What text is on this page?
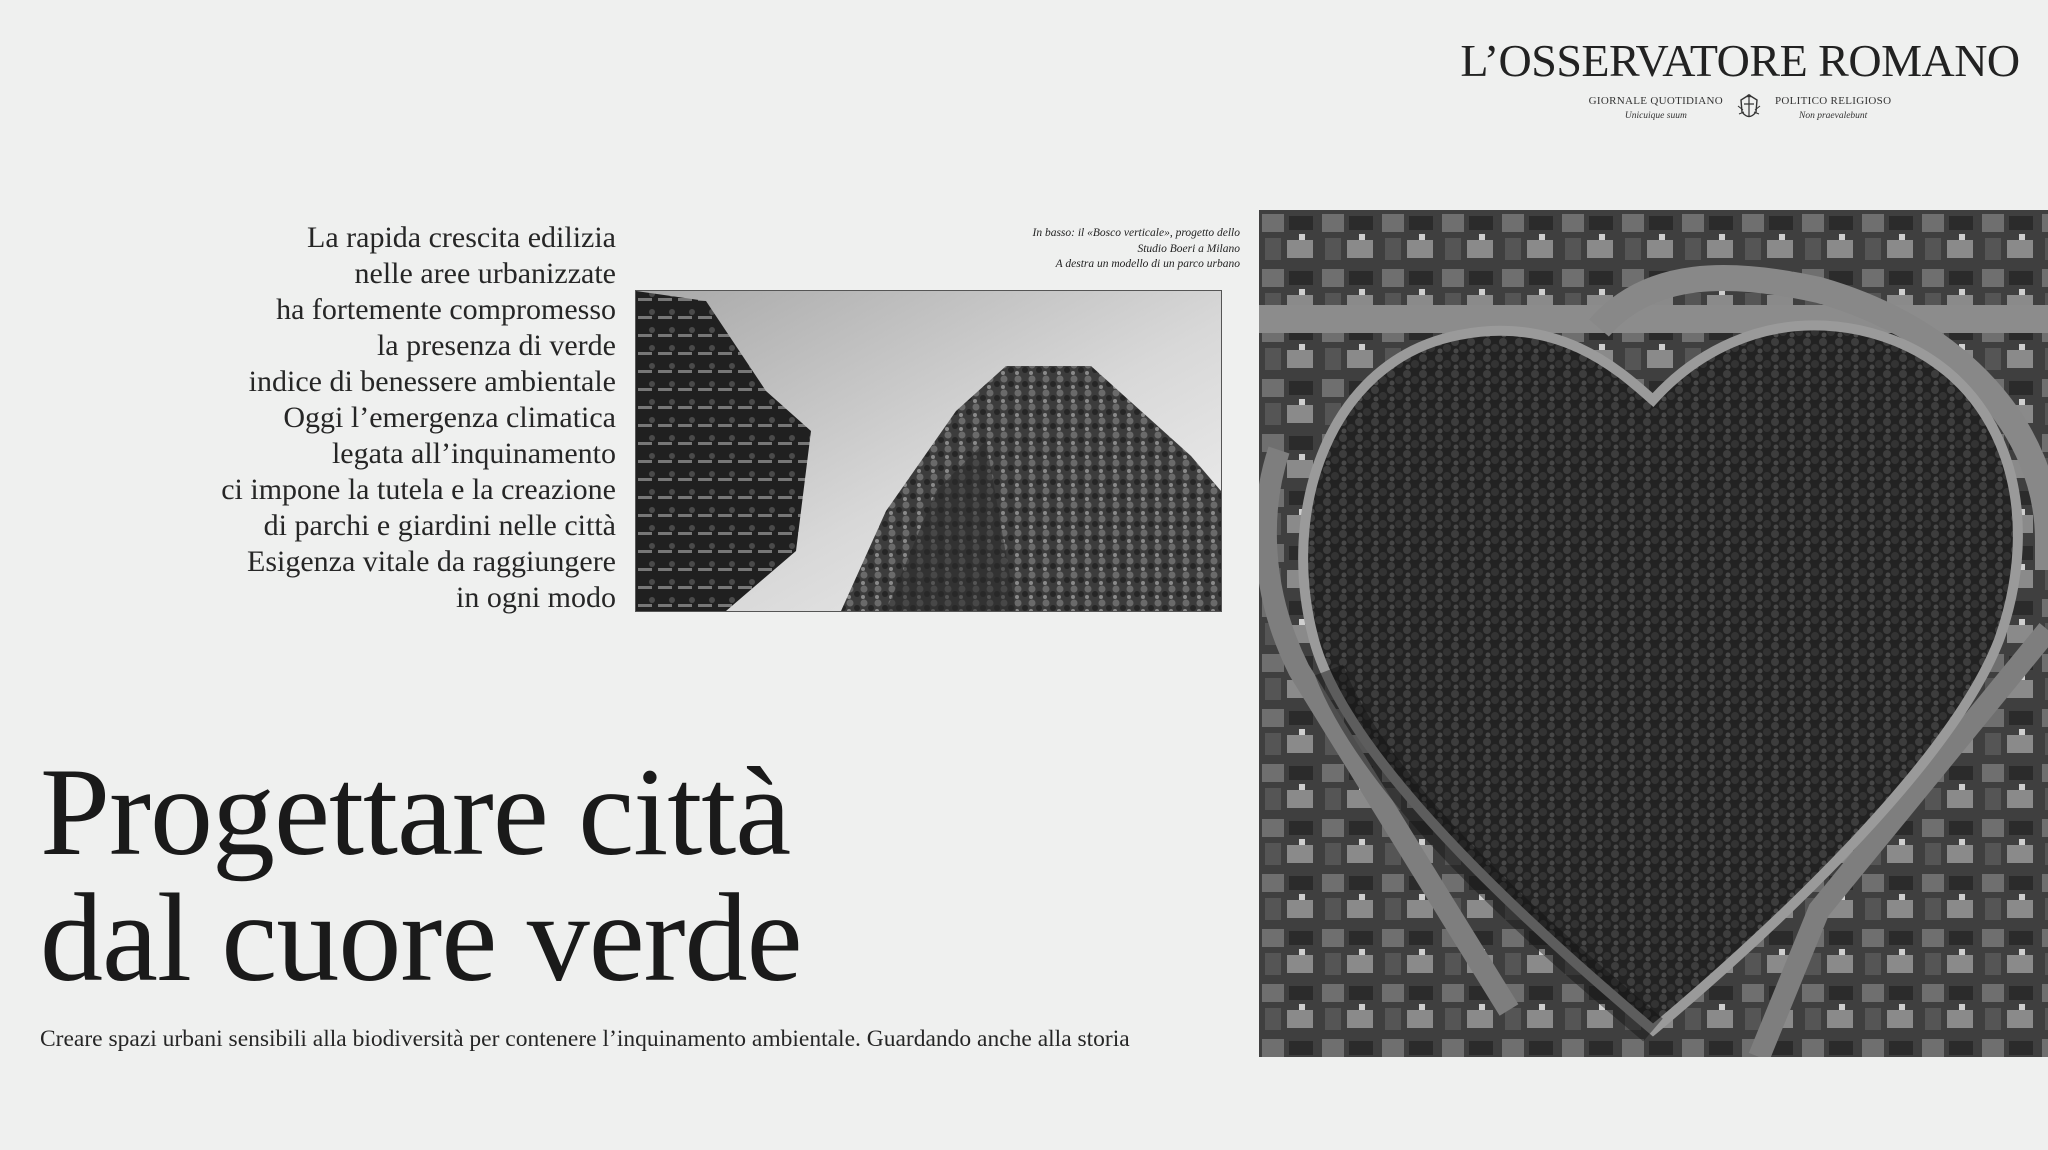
L’OSSERVATORE ROMANO
GIORNALE QUOTIDIANO
Unicuique suum
POLITICO RELIGIOSO
Non praevalebunt
La rapida crescita edilizia
nelle aree urbanizzate
ha fortemente compromesso
la presenza di verde
indice di benessere ambientale
Oggi l’emergenza climatica
legata all’inquinamento
ci impone la tutela e la creazione
di parchi e giardini nelle città
Esigenza vitale da raggiungere
in ogni modo
In basso: il «Bosco verticale», progetto dello
Studio Boeri a Milano
A destra un modello di un parco urbano
Progettare città
dal cuore verde

Creare spazi urbani sensibili alla biodiversità per contenere l’inquinamento ambientale. Guardando anche alla storia
